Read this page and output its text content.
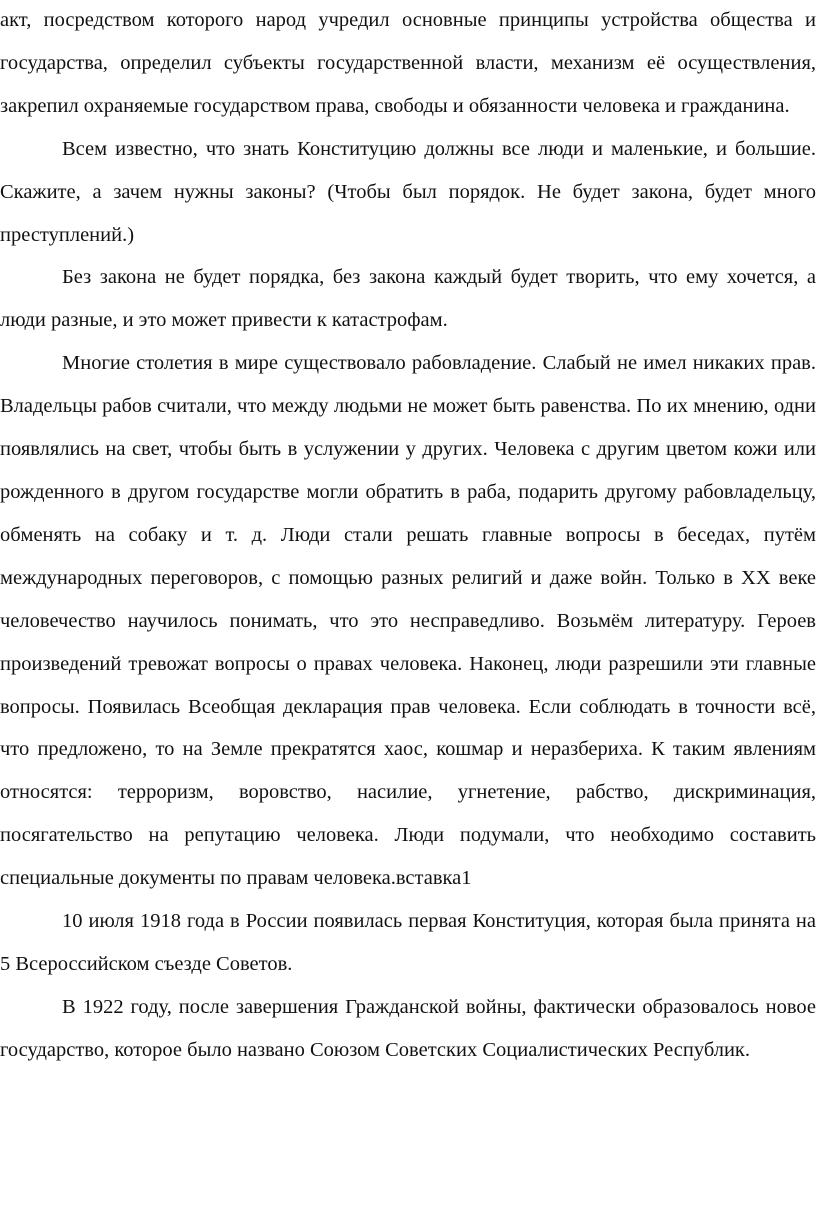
акт, посредством которого народ учредил основные принципы устройства общества и государства, определил субъекты государственной власти, механизм её осуществления, закрепил охраняемые государством права, свободы и обязанности человека и гражданина.

Всем известно, что знать Конституцию должны все люди и маленькие, и большие. Скажите, а зачем нужны законы? (Чтобы был порядок. Не будет закона, будет много преступлений.)

Без закона не будет порядка, без закона каждый будет творить, что ему хочется, а люди разные, и это может привести к катастрофам.

Многие столетия в мире существовало рабовладение. Слабый не имел никаких прав. Владельцы рабов считали, что между людьми не может быть равенства. По их мнению, одни появлялись на свет, чтобы быть в услужении у других. Человека с другим цветом кожи или рожденного в другом государстве могли обратить в раба, подарить другому рабовладельцу, обменять на собаку и т. д. Люди стали решать главные вопросы в беседах, путём международных переговоров, с помощью разных религий и даже войн. Только в XX веке человечество научилось понимать, что это несправедливо. Возьмём литературу. Героев произведений тревожат вопросы о правах человека. Наконец, люди разрешили эти главные вопросы. Появилась Всеобщая декларация прав человека. Если соблюдать в точности всё, что предложено, то на Земле прекратятся хаос, кошмар и неразбериха. К таким явлениям относятся: терроризм, воровство, насилие, угнетение, рабство, дискриминация, посягательство на репутацию человека. Люди подумали, что необходимо составить специальные документы по правам человека.вставка1

10 июля 1918 года в России появилась первая Конституция, которая была принята на 5 Всероссийском съезде Советов.

В 1922 году, после завершения Гражданской войны, фактически образовалось новое государство, которое было названо Союзом Советских Социалистических Республик.
